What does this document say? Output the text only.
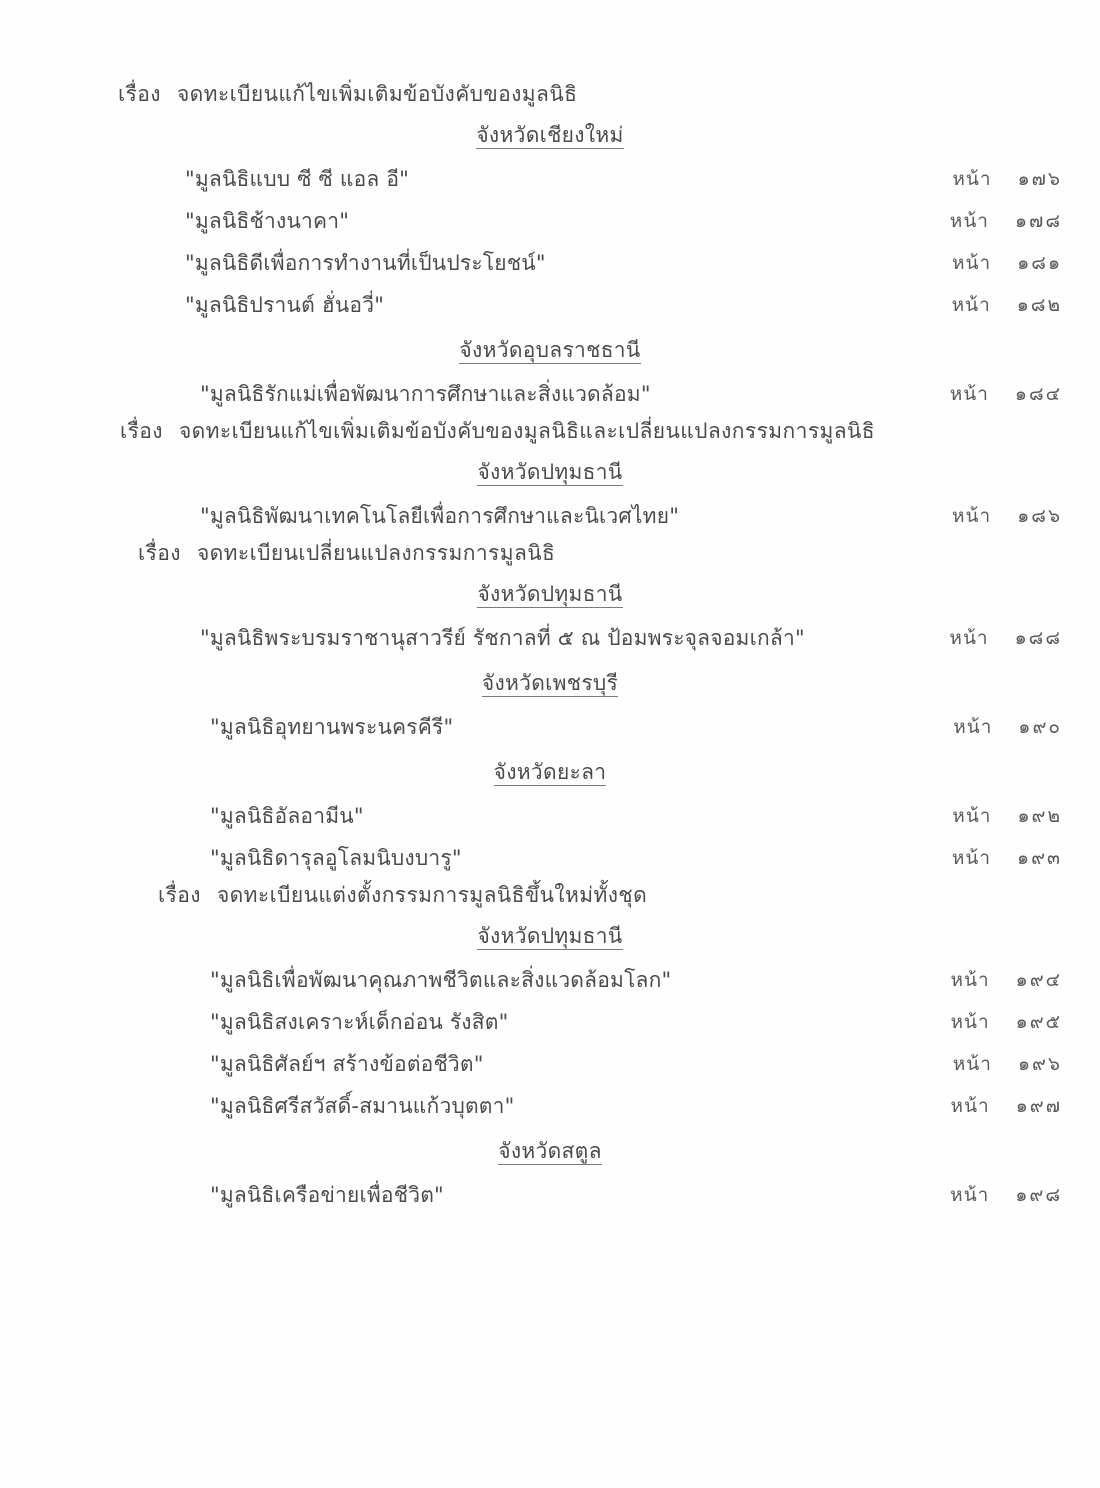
เรื่อง จดทะเบียนแก้ไขเพิ่มเติมข้อบังคับของมูลนิธิ
จังหวัดเชียงใหม่
"มูลนิธิแบบ ซี ซี แอล อี"	หน้า ๑๗๖
"มูลนิธิช้างนาคา"	หน้า ๑๗๘
"มูลนิธิดีเพื่อการทำงานที่เป็นประโยชน์"	หน้า ๑๘๑
"มูลนิธิปรานต์ ฮั่นอวี่"	หน้า ๑๘๒
จังหวัดอุบลราชธานี
"มูลนิธิรักแม่เพื่อพัฒนาการศึกษาและสิ่งแวดล้อม"	หน้า ๑๘๔
เรื่อง จดทะเบียนแก้ไขเพิ่มเติมข้อบังคับของมูลนิธิและเปลี่ยนแปลงกรรมการมูลนิธิ
จังหวัดปทุมธานี
"มูลนิธิพัฒนาเทคโนโลยีเพื่อการศึกษาและนิเวศไทย"	หน้า ๑๘๖
เรื่อง จดทะเบียนเปลี่ยนแปลงกรรมการมูลนิธิ
จังหวัดปทุมธานี
"มูลนิธิพระบรมราชานุสาวรีย์ รัชกาลที่ ๕ ณ ป้อมพระจุลจอมเกล้า"	หน้า ๑๘๘
จังหวัดเพชรบุรี
"มูลนิธิอุทยานพระนครคีรี"	หน้า ๑๙๐
จังหวัดยะลา
"มูลนิธิอัลอามีน"	หน้า ๑๙๒
"มูลนิธิดารุลอูโลมนิบงบารู"	หน้า ๑๙๓
เรื่อง จดทะเบียนแต่งตั้งกรรมการมูลนิธิขึ้นใหม่ทั้งชุด
จังหวัดปทุมธานี
"มูลนิธิเพื่อพัฒนาคุณภาพชีวิตและสิ่งแวดล้อมโลก"	หน้า ๑๙๔
"มูลนิธิสงเคราะห์เด็กอ่อน รังสิต"	หน้า ๑๙๕
"มูลนิธิศัลย์ฯ สร้างข้อต่อชีวิต"	หน้า ๑๙๖
"มูลนิธิศรีสวัสดิ์-สมานแก้วบุตตา"	หน้า ๑๙๗
จังหวัดสตูล
"มูลนิธิเครือข่ายเพื่อชีวิต"	หน้า ๑๙๘
